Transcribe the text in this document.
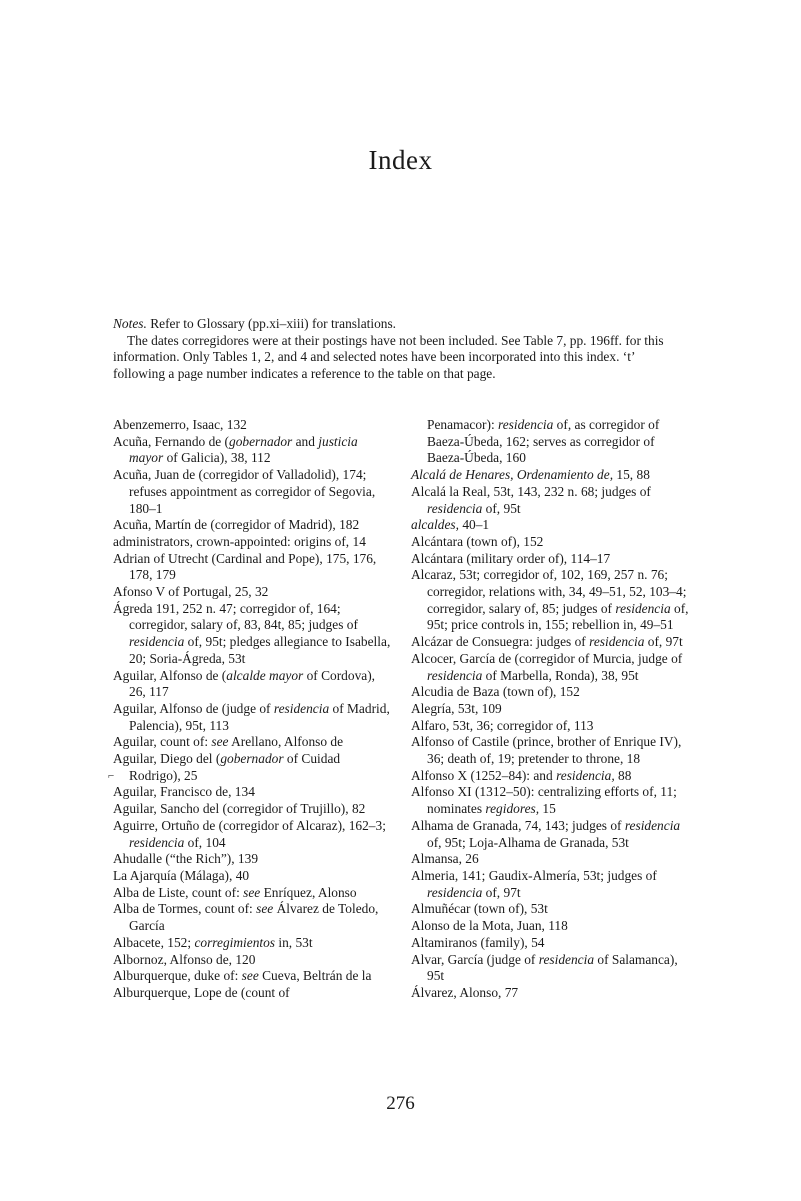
Index

Notes. Refer to Glossary (pp.xi–xiii) for translations.

The dates corregidores were at their postings have not been included. See Table 7, pp. 196ff. for this information. Only Tables 1, 2, and 4 and selected notes have been incorporated into this index. ‘t’ following a page number indicates a reference to the table on that page.

Abenzemerro, Isaac, 132

Acuña, Fernando de (gobernador and justicia mayor of Galicia), 38, 112

Acuña, Juan de (corregidor of Valladolid), 174; refuses appointment as corregidor of Segovia, 180–1

Acuña, Martín de (corregidor of Madrid), 182

administrators, crown-appointed: origins of, 14

Adrian of Utrecht (Cardinal and Pope), 175, 176, 178, 179

Afonso V of Portugal, 25, 32

Ágreda 191, 252 n. 47; corregidor of, 164; corregidor, salary of, 83, 84t, 85; judges of residencia of, 95t; pledges allegiance to Isabella, 20; Soria-Ágreda, 53t

Aguilar, Alfonso de (alcalde mayor of Cordova), 26, 117

Aguilar, Alfonso de (judge of residencia of Madrid, Palencia), 95t, 113

Aguilar, count of: see Arellano, Alfonso de

Aguilar, Diego del (gobernador of Cuidad Rodrigo), 25

Aguilar, Francisco de, 134

Aguilar, Sancho del (corregidor of Trujillo), 82

Aguirre, Ortuño de (corregidor of Alcaraz), 162–3; residencia of, 104

Ahudalle (“the Rich”), 139

La Ajarquía (Málaga), 40

Alba de Liste, count of: see Enríquez, Alonso

Alba de Tormes, count of: see Álvarez de Toledo, García

Albacete, 152; corregimientos in, 53t

Albornoz, Alfonso de, 120

Alburquerque, duke of: see Cueva, Beltrán de la

Alburquerque, Lope de (count of

Penamacor): residencia of, as corregidor of Baeza-Úbeda, 162; serves as corregidor of Baeza-Úbeda, 160

Alcalá de Henares, Ordenamiento de, 15, 88

Alcalá la Real, 53t, 143, 232 n. 68; judges of residencia of, 95t

alcaldes, 40–1

Alcántara (town of), 152

Alcántara (military order of), 114–17

Alcaraz, 53t; corregidor of, 102, 169, 257 n. 76; corregidor, relations with, 34, 49–51, 52, 103–4; corregidor, salary of, 85; judges of residencia of, 95t; price controls in, 155; rebellion in, 49–51

Alcázar de Consuegra: judges of residencia of, 97t

Alcocer, García de (corregidor of Murcia, judge of residencia of Marbella, Ronda), 38, 95t

Alcudia de Baza (town of), 152

Alegría, 53t, 109

Alfaro, 53t, 36; corregidor of, 113

Alfonso of Castile (prince, brother of Enrique IV), 36; death of, 19; pretender to throne, 18

Alfonso X (1252–84): and residencia, 88

Alfonso XI (1312–50): centralizing efforts of, 11; nominates regidores, 15

Alhama de Granada, 74, 143; judges of residencia of, 95t; Loja-Alhama de Granada, 53t

Almansa, 26

Almeria, 141; Gaudix-Almería, 53t; judges of residencia of, 97t

Almuñécar (town of), 53t

Alonso de la Mota, Juan, 118

Altamiranos (family), 54

Alvar, García (judge of residencia of Salamanca), 95t

Álvarez, Alonso, 77

⌐
276
